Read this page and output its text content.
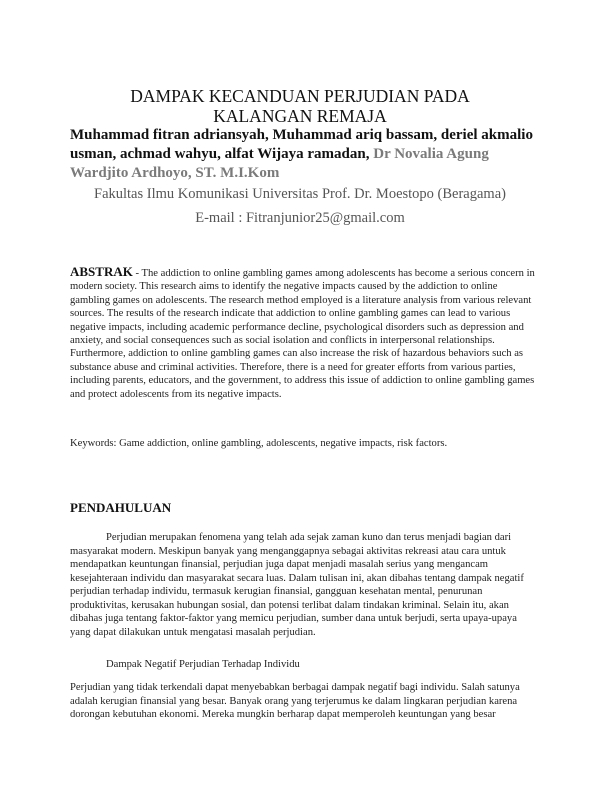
DAMPAK KECANDUAN PERJUDIAN PADA KALANGAN REMAJA
Muhammad fitran adriansyah, Muhammad ariq bassam, deriel akmalio usman, achmad wahyu, alfat Wijaya ramadan, Dr Novalia Agung Wardjito Ardhoyo, ST. M.I.Kom
Fakultas Ilmu Komunikasi Universitas Prof. Dr. Moestopo (Beragama)
E-mail : Fitranjunior25@gmail.com
ABSTRAK - The addiction to online gambling games among adolescents has become a serious concern in modern society. This research aims to identify the negative impacts caused by the addiction to online gambling games on adolescents. The research method employed is a literature analysis from various relevant sources. The results of the research indicate that addiction to online gambling games can lead to various negative impacts, including academic performance decline, psychological disorders such as depression and anxiety, and social consequences such as social isolation and conflicts in interpersonal relationships. Furthermore, addiction to online gambling games can also increase the risk of hazardous behaviors such as substance abuse and criminal activities. Therefore, there is a need for greater efforts from various parties, including parents, educators, and the government, to address this issue of addiction to online gambling games and protect adolescents from its negative impacts.
Keywords: Game addiction, online gambling, adolescents, negative impacts, risk factors.
PENDAHULUAN
Perjudian merupakan fenomena yang telah ada sejak zaman kuno dan terus menjadi bagian dari masyarakat modern. Meskipun banyak yang menganggapnya sebagai aktivitas rekreasi atau cara untuk mendapatkan keuntungan finansial, perjudian juga dapat menjadi masalah serius yang mengancam kesejahteraan individu dan masyarakat secara luas. Dalam tulisan ini, akan dibahas tentang dampak negatif perjudian terhadap individu, termasuk kerugian finansial, gangguan kesehatan mental, penurunan produktivitas, kerusakan hubungan sosial, dan potensi terlibat dalam tindakan kriminal. Selain itu, akan dibahas juga tentang faktor-faktor yang memicu perjudian, sumber dana untuk berjudi, serta upaya-upaya yang dapat dilakukan untuk mengatasi masalah perjudian.
Dampak Negatif Perjudian Terhadap Individu
Perjudian yang tidak terkendali dapat menyebabkan berbagai dampak negatif bagi individu. Salah satunya adalah kerugian finansial yang besar. Banyak orang yang terjerumus ke dalam lingkaran perjudian karena dorongan kebutuhan ekonomi. Mereka mungkin berharap dapat memperoleh keuntungan yang besar
